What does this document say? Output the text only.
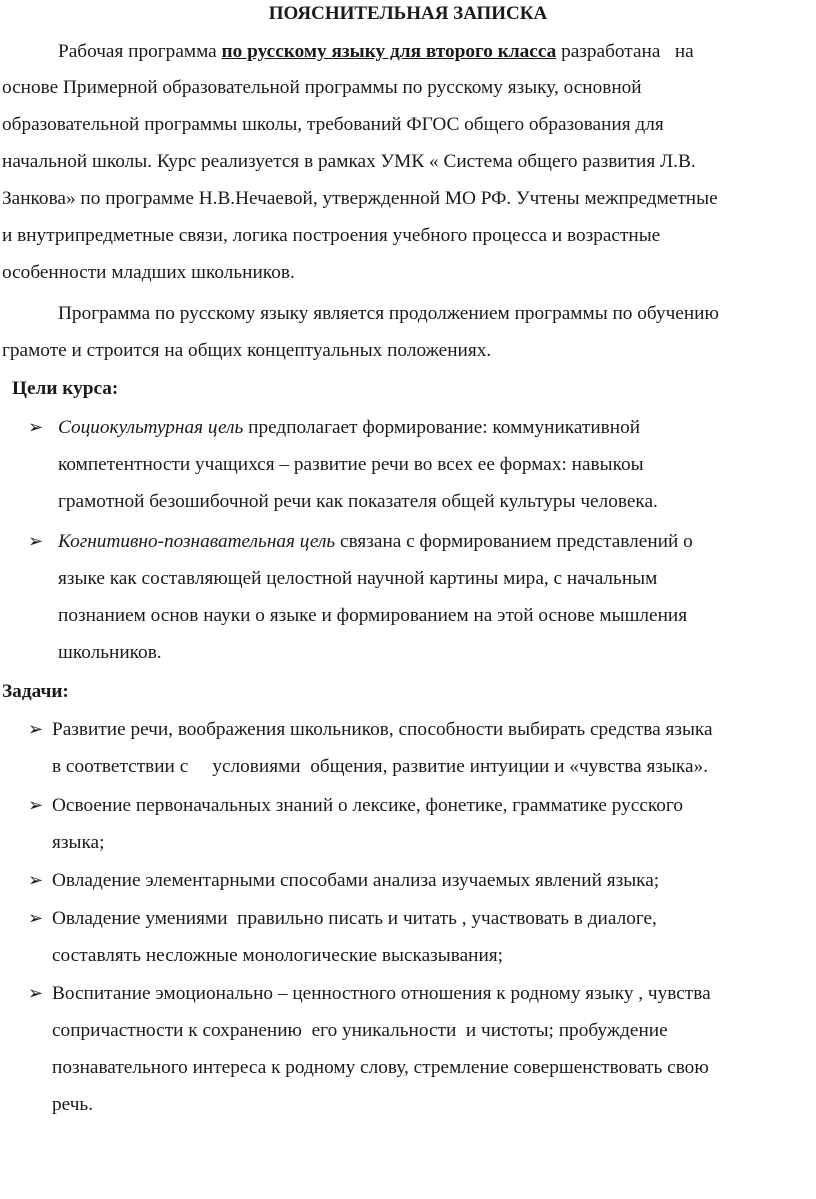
ПОЯСНИТЕЛЬНАЯ ЗАПИСКА

Рабочая программа по русскому языку для второго класса разработана   на

основе Примерной образовательной программы по русскому языку, основной

образовательной программы школы, требований ФГОС общего образования для

начальной школы. Курс реализуется в рамках УМК « Система общего развития Л.В.

Занкова» по программе Н.В.Нечаевой, утвержденной МО РФ. Учтены межпредметные

и внутрипредметные связи, логика построения учебного процесса и возрастные

особенности младших школьников.

Программа по русскому языку является продолжением программы по обучению

грамоте и строится на общих концептуальных положениях.

Цели курса:

➢ Социокультурная цель предполагает формирование: коммуникативной

компетентности учащихся – развитие речи во всех ее формах: навыкоы

грамотной безошибочной речи как показателя общей культуры человека.

➢ Когнитивно-познавательная цель связана с формированием представлений о

языке как составляющей целостной научной картины мира, с начальным

познанием основ науки о языке и формированием на этой основе мышления

школьников.

Задачи:

➢ Развитие речи, воображения школьников, способности выбирать средства языка

в соответствии с     условиями  общения, развитие интуиции и «чувства языка».

➢ Освоение первоначальных знаний о лексике, фонетике, грамматике русского

языка;

➢ Овладение элементарными способами анализа изучаемых явлений языка;

➢ Овладение умениями  правильно писать и читать , участвовать в диалоге,

составлять несложные монологические высказывания;

➢ Воспитание эмоционально – ценностного отношения к родному языку , чувства

сопричастности к сохранению  его уникальности  и чистоты; пробуждение

познавательного интереса к родному слову, стремление совершенствовать свою

речь.
